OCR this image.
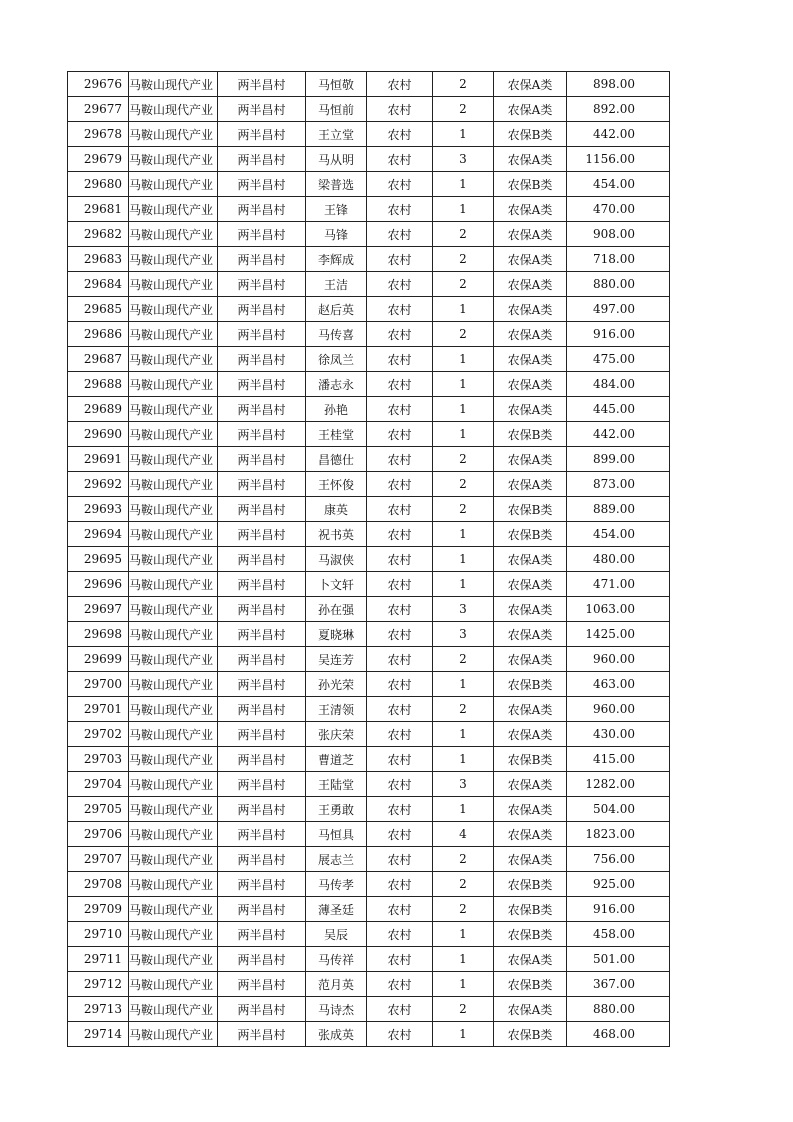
29676	马鞍山现代产业	两半昌村	马恒敬	农村	2	农保A类	898.00
29677	马鞍山现代产业	两半昌村	马恒前	农村	2	农保A类	892.00
29678	马鞍山现代产业	两半昌村	王立堂	农村	1	农保B类	442.00
29679	马鞍山现代产业	两半昌村	马从明	农村	3	农保A类	1156.00
29680	马鞍山现代产业	两半昌村	梁普选	农村	1	农保B类	454.00
29681	马鞍山现代产业	两半昌村	王锋	农村	1	农保A类	470.00
29682	马鞍山现代产业	两半昌村	马锋	农村	2	农保A类	908.00
29683	马鞍山现代产业	两半昌村	李辉成	农村	2	农保A类	718.00
29684	马鞍山现代产业	两半昌村	王洁	农村	2	农保A类	880.00
29685	马鞍山现代产业	两半昌村	赵后英	农村	1	农保A类	497.00
29686	马鞍山现代产业	两半昌村	马传喜	农村	2	农保A类	916.00
29687	马鞍山现代产业	两半昌村	徐凤兰	农村	1	农保A类	475.00
29688	马鞍山现代产业	两半昌村	潘志永	农村	1	农保A类	484.00
29689	马鞍山现代产业	两半昌村	孙艳	农村	1	农保A类	445.00
29690	马鞍山现代产业	两半昌村	王桂堂	农村	1	农保B类	442.00
29691	马鞍山现代产业	两半昌村	昌德仕	农村	2	农保A类	899.00
29692	马鞍山现代产业	两半昌村	王怀俊	农村	2	农保A类	873.00
29693	马鞍山现代产业	两半昌村	康英	农村	2	农保B类	889.00
29694	马鞍山现代产业	两半昌村	祝书英	农村	1	农保B类	454.00
29695	马鞍山现代产业	两半昌村	马淑侠	农村	1	农保A类	480.00
29696	马鞍山现代产业	两半昌村	卜文轩	农村	1	农保A类	471.00
29697	马鞍山现代产业	两半昌村	孙在强	农村	3	农保A类	1063.00
29698	马鞍山现代产业	两半昌村	夏晓琳	农村	3	农保A类	1425.00
29699	马鞍山现代产业	两半昌村	吴连芳	农村	2	农保A类	960.00
29700	马鞍山现代产业	两半昌村	孙光荣	农村	1	农保B类	463.00
29701	马鞍山现代产业	两半昌村	王清领	农村	2	农保A类	960.00
29702	马鞍山现代产业	两半昌村	张庆荣	农村	1	农保A类	430.00
29703	马鞍山现代产业	两半昌村	曹道芝	农村	1	农保B类	415.00
29704	马鞍山现代产业	两半昌村	王陆堂	农村	3	农保A类	1282.00
29705	马鞍山现代产业	两半昌村	王勇敢	农村	1	农保A类	504.00
29706	马鞍山现代产业	两半昌村	马恒具	农村	4	农保A类	1823.00
29707	马鞍山现代产业	两半昌村	展志兰	农村	2	农保A类	756.00
29708	马鞍山现代产业	两半昌村	马传孝	农村	2	农保B类	925.00
29709	马鞍山现代产业	两半昌村	薄圣廷	农村	2	农保B类	916.00
29710	马鞍山现代产业	两半昌村	吴辰	农村	1	农保B类	458.00
29711	马鞍山现代产业	两半昌村	马传祥	农村	1	农保A类	501.00
29712	马鞍山现代产业	两半昌村	范月英	农村	1	农保B类	367.00
29713	马鞍山现代产业	两半昌村	马诗杰	农村	2	农保A类	880.00
29714	马鞍山现代产业	两半昌村	张成英	农村	1	农保B类	468.00
